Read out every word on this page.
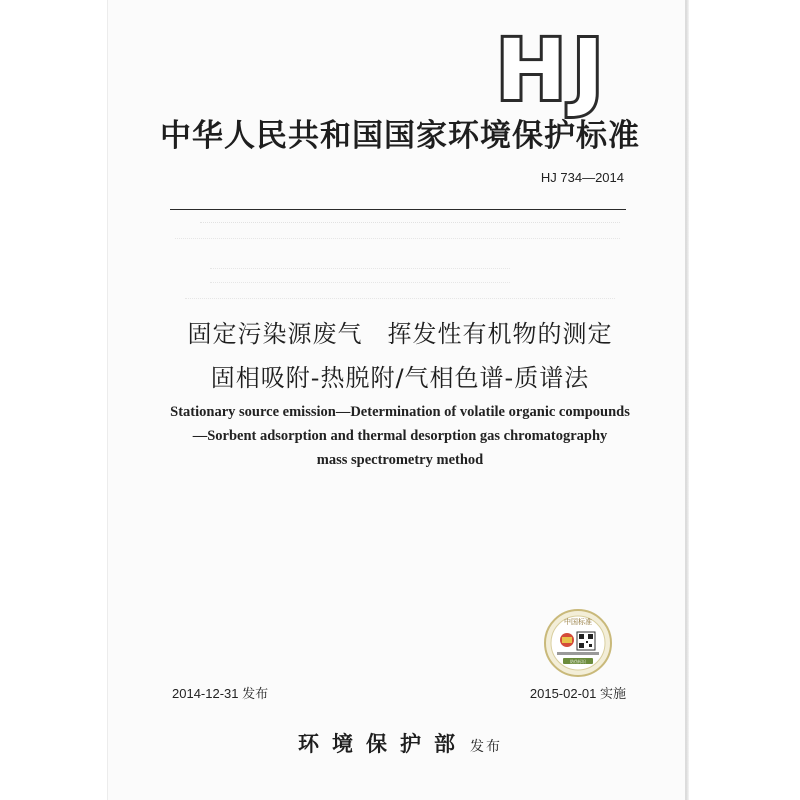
HJ
中华人民共和国国家环境保护标准
HJ 734—2014
固定污染源废气　挥发性有机物的测定
固相吸附-热脱附/气相色谱-质谱法
Stationary source emission—Determination of volatile organic compounds
—Sorbent adsorption and thermal desorption gas chromatography
mass spectrometry method
中国标准
防伪标识
2014-12-31 发布	2015-02-01 实施
环境保护部 发布
